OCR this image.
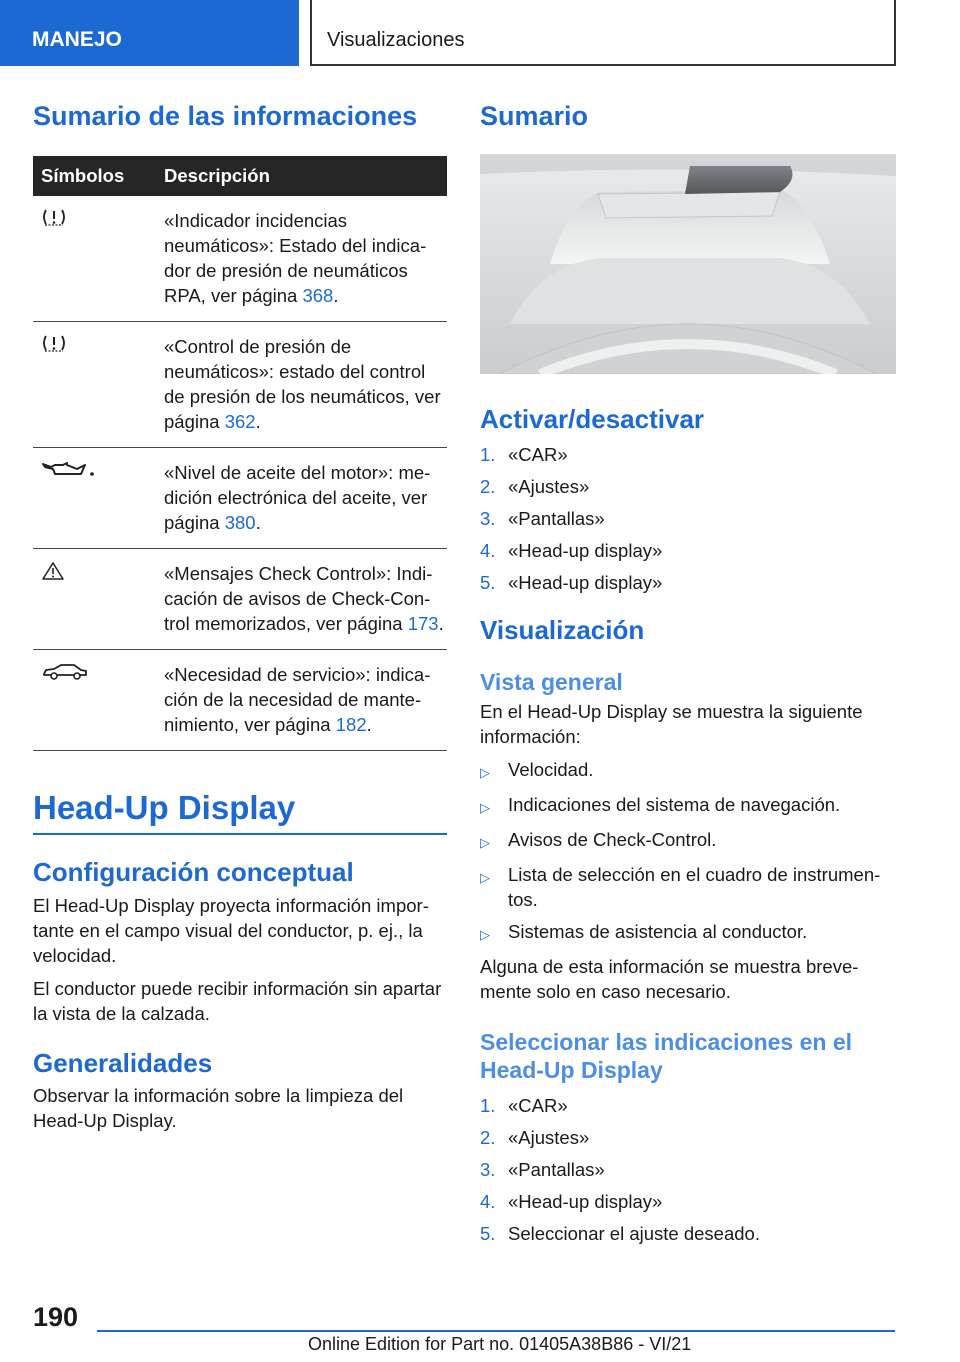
MANEJO	Visualizaciones
Sumario de las informaciones
Símbolos	Descripción

	«Indicador incidencias neumáticos»: Estado del indicador de presión de neumáticos RPA, ver página 368.

	«Control de presión de neumáticos»: estado del control de presión de los neumáticos, ver página 362.

	«Nivel de aceite del motor»: medición electrónica del aceite, ver página 380.

	«Mensajes Check Control»: Indicación de avisos de Check-Control memorizados, ver página 173.

	«Necesidad de servicio»: indicación de la necesidad de mantenimiento, ver página 182.
Head-Up Display
Configuración conceptual

El Head-Up Display proyecta información importante en el campo visual del conductor, p. ej., la velocidad.

El conductor puede recibir información sin apartar la vista de la calzada.

Generalidades

Observar la información sobre la limpieza del Head-Up Display.

Sumario
Activar/desactivar
1. «CAR»
2. «Ajustes»
3. «Pantallas»
4. «Head-up display»
5. «Head-up display»
Visualización
Vista general

En el Head-Up Display se muestra la siguiente información:

▷ Velocidad.
▷ Indicaciones del sistema de navegación.
▷ Avisos de Check-Control.
▷ Lista de selección en el cuadro de instrumentos.
▷ Sistemas de asistencia al conductor.

Alguna de esta información se muestra brevemente solo en caso necesario.

Seleccionar las indicaciones en el Head-Up Display
1. «CAR»
2. «Ajustes»
3. «Pantallas»
4. «Head-up display»
5. Seleccionar el ajuste deseado.
190
Online Edition for Part no. 01405A38B86 - VI/21
